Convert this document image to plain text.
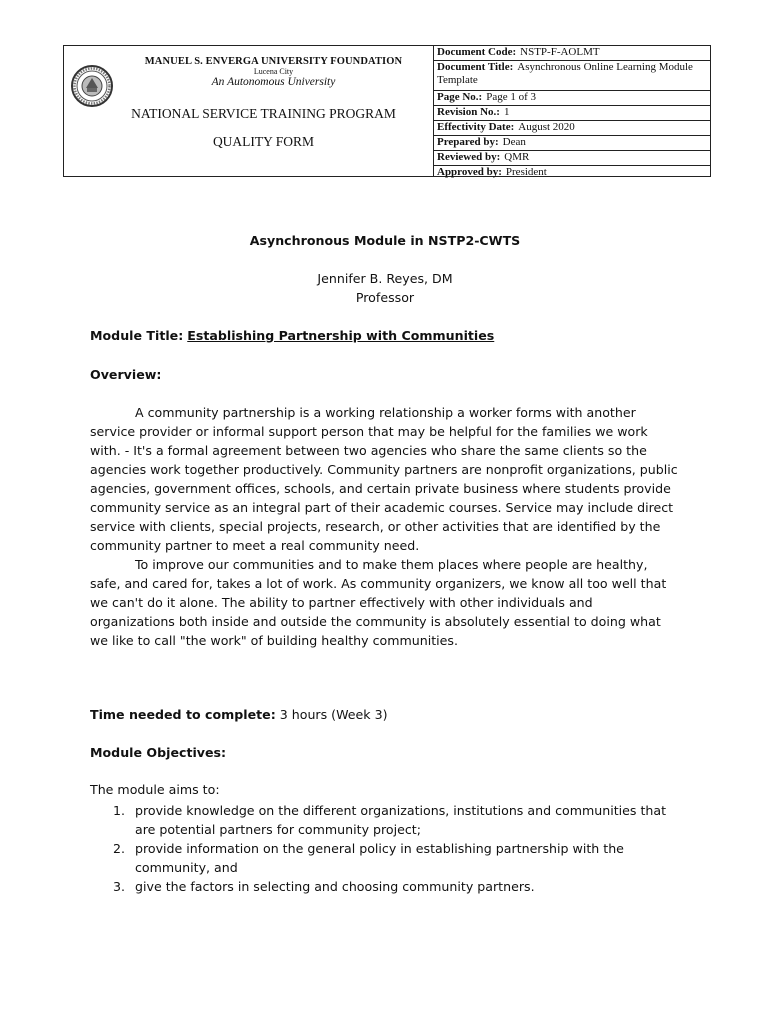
MANUEL S. ENVERGA UNIVERSITY FOUNDATION
Lucena City
An Autonomous University
NATIONAL SERVICE TRAINING PROGRAM
QUALITY FORM
Document Code: NSTP-F-AOLMT
Document Title: Asynchronous Online Learning Module Template
Page No.: Page 1 of 3
Revision No.: 1
Effectivity Date: August 2020
Prepared by: Dean
Reviewed by: QMR
Approved by: President
Asynchronous Module in NSTP2-CWTS
Jennifer B. Reyes, DM
Professor
Module Title: Establishing Partnership with Communities
Overview:

A community partnership is a working relationship a worker forms with another service provider or informal support person that may be helpful for the families we work with. - It's a formal agreement between two agencies who share the same clients so the agencies work together productively. Community partners are nonprofit organizations, public agencies, government offices, schools, and certain private business where students provide community service as an integral part of their academic courses. Service may include direct service with clients, special projects, research, or other activities that are identified by the community partner to meet a real community need.

To improve our communities and to make them places where people are healthy, safe, and cared for, takes a lot of work. As community organizers, we know all too well that we can't do it alone. The ability to partner effectively with other individuals and organizations both inside and outside the community is absolutely essential to doing what we like to call "the work" of building healthy communities.

Time needed to complete: 3 hours (Week 3)
Module Objectives:
The module aims to:
1. provide knowledge on the different organizations, institutions and communities that are potential partners for community project;
2. provide information on the general policy in establishing partnership with the community, and
3. give the factors in selecting and choosing community partners.
